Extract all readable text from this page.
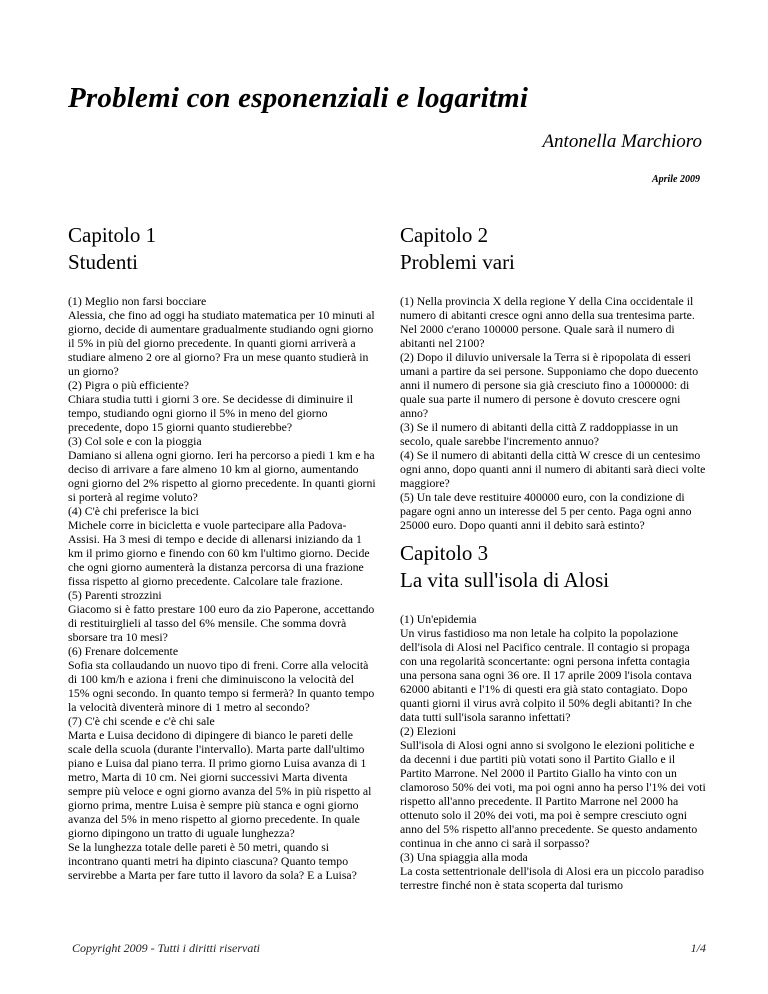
Problemi con esponenziali e logaritmi
Antonella Marchioro
Aprile 2009
Capitolo 1
Studenti

(1) Meglio non farsi bocciare
Alessia, che fino ad oggi ha studiato matematica per 10 minuti al giorno, decide di aumentare gradualmente studiando ogni giorno il 5% in più del giorno precedente. In quanti giorni arriverà a studiare almeno 2 ore al giorno? Fra un mese quanto studierà in un giorno?

(2) Pigra o più efficiente?
Chiara studia tutti i giorni 3 ore. Se decidesse di diminuire il tempo, studiando ogni giorno il 5% in meno del giorno precedente, dopo 15 giorni quanto studierebbe?

(3) Col sole e con la pioggia
Damiano si allena ogni giorno. Ieri ha percorso a piedi 1 km e ha deciso di arrivare a fare almeno 10 km al giorno, aumentando ogni giorno del 2% rispetto al giorno precedente. In quanti giorni si porterà al regime voluto?

(4) C'è chi preferisce la bici
Michele corre in bicicletta e vuole partecipare alla Padova-Assisi. Ha 3 mesi di tempo e decide di allenarsi iniziando da 1 km il primo giorno e finendo con 60 km l'ultimo giorno. Decide che ogni giorno aumenterà la distanza percorsa di una frazione fissa rispetto al giorno precedente. Calcolare tale frazione.

(5) Parenti strozzini
Giacomo si è fatto prestare 100 euro da zio Paperone, accettando di restituirglieli al tasso del 6% mensile. Che somma dovrà sborsare tra 10 mesi?

(6) Frenare dolcemente
Sofia sta collaudando un nuovo tipo di freni. Corre alla velocità di 100 km/h e aziona i freni che diminuiscono la velocità del 15% ogni secondo. In quanto tempo si fermerà? In quanto tempo la velocità diventerà minore di 1 metro al secondo?

(7) C'è chi scende e c'è chi sale
Marta e Luisa decidono di dipingere di bianco le pareti delle scale della scuola (durante l'intervallo). Marta parte dall'ultimo piano e Luisa dal piano terra. Il primo giorno Luisa avanza di 1 metro, Marta di 10 cm. Nei giorni successivi Marta diventa sempre più veloce e ogni giorno avanza del 5% in più rispetto al giorno prima, mentre Luisa è sempre più stanca e ogni giorno avanza del 5% in meno rispetto al giorno precedente. In quale giorno dipingono un tratto di uguale lunghezza?
Se la lunghezza totale delle pareti è 50 metri, quando si incontrano quanti metri ha dipinto ciascuna? Quanto tempo servirebbe a Marta per fare tutto il lavoro da sola? E a Luisa?

Capitolo 2
Problemi vari

(1) Nella provincia X della regione Y della Cina occidentale il numero di abitanti cresce ogni anno della sua trentesima parte. Nel 2000 c'erano 100000 persone. Quale sarà il numero di abitanti nel 2100?

(2) Dopo il diluvio universale la Terra si è ripopolata di esseri umani a partire da sei persone. Supponiamo che dopo duecento anni il numero di persone sia già cresciuto fino a 1000000: di quale sua parte il numero di persone è dovuto crescere ogni anno?

(3) Se il numero di abitanti della città Z raddoppiasse in un secolo, quale sarebbe l'incremento annuo?

(4) Se il numero di abitanti della città W cresce di un centesimo ogni anno, dopo quanti anni il numero di abitanti sarà dieci volte maggiore?

(5) Un tale deve restituire 400000 euro, con la condizione di pagare ogni anno un interesse del 5 per cento. Paga ogni anno 25000 euro. Dopo quanti anni il debito sarà estinto?

Capitolo 3
La vita sull'isola di Alosi

(1) Un'epidemia
Un virus fastidioso ma non letale ha colpito la popolazione dell'isola di Alosi nel Pacifico centrale. Il contagio si propaga con una regolarità sconcertante: ogni persona infetta contagia una persona sana ogni 36 ore. Il 17 aprile 2009 l'isola contava 62000 abitanti e l'1% di questi era già stato contagiato. Dopo quanti giorni il virus avrà colpito il 50% degli abitanti? In che data tutti sull'isola saranno infettati?

(2) Elezioni
Sull'isola di Alosi ogni anno si svolgono le elezioni politiche e da decenni i due partiti più votati sono il Partito Giallo e il Partito Marrone. Nel 2000 il Partito Giallo ha vinto con un clamoroso 50% dei voti, ma poi ogni anno ha perso l'1% dei voti rispetto all'anno precedente. Il Partito Marrone nel 2000 ha ottenuto solo il 20% dei voti, ma poi è sempre cresciuto ogni anno del 5% rispetto all'anno precedente. Se questo andamento continua in che anno ci sarà il sorpasso?

(3) Una spiaggia alla moda
La costa settentrionale dell'isola di Alosi era un piccolo paradiso terrestre finché non è stata scoperta dal turismo

Copyright 2009 - Tutti i diritti riservati	1/4
